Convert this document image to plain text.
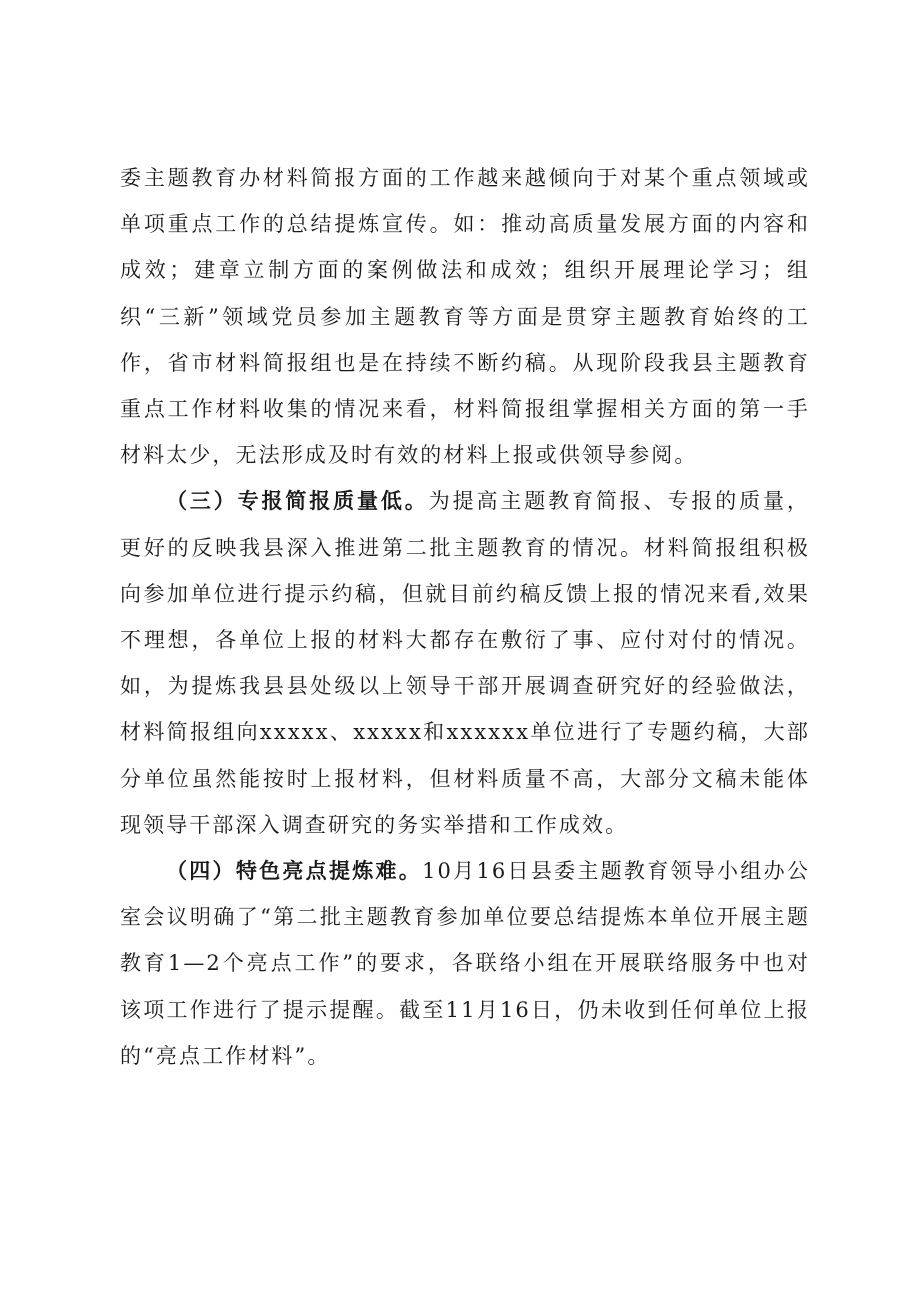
委主题教育办材料简报方面的工作越来越倾向于对某个重点领域或单项重点工作的总结提炼宣传。如：推动高质量发展方面的内容和成效；建章立制方面的案例做法和成效；组织开展理论学习；组织“三新”领域党员参加主题教育等方面是贯穿主题教育始终的工作，省市材料简报组也是在持续不断约稿。从现阶段我县主题教育重点工作材料收集的情况来看，材料简报组掌握相关方面的第一手材料太少，无法形成及时有效的材料上报或供领导参阅。

（三）专报简报质量低。为提高主题教育简报、专报的质量，更好的反映我县深入推进第二批主题教育的情况。材料简报组积极向参加单位进行提示约稿，但就目前约稿反馈上报的情况来看,效果不理想，各单位上报的材料大都存在敷衍了事、应付对付的情况。如，为提炼我县县处级以上领导干部开展调查研究好的经验做法，材料简报组向xxxxx、xxxxx和xxxxxx单位进行了专题约稿，大部分单位虽然能按时上报材料，但材料质量不高，大部分文稿未能体现领导干部深入调查研究的务实举措和工作成效。

（四）特色亮点提炼难。10月16日县委主题教育领导小组办公室会议明确了“第二批主题教育参加单位要总结提炼本单位开展主题教育1—2个亮点工作”的要求，各联络小组在开展联络服务中也对该项工作进行了提示提醒。截至11月16日，仍未收到任何单位上报的“亮点工作材料”。
